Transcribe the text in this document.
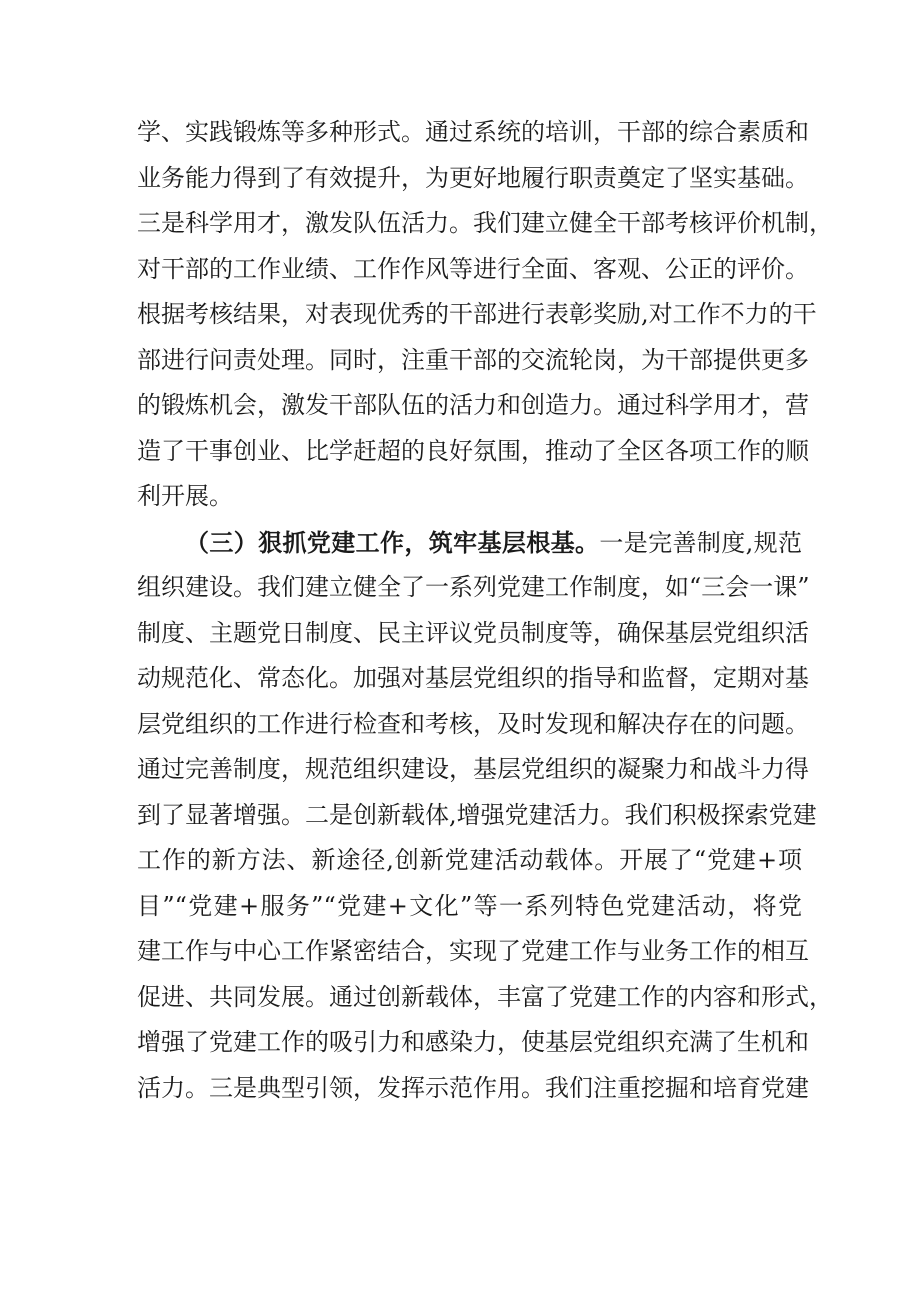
学、实践锻炼等多种形式。通过系统的培训，干部的综合素质和
业务能力得到了有效提升，为更好地履行职责奠定了坚实基础。
三是科学用才，激发队伍活力。我们建立健全干部考核评价机制，
对干部的工作业绩、工作作风等进行全面、客观、公正的评价。
根据考核结果，对表现优秀的干部进行表彰奖励,对工作不力的干
部进行问责处理。同时，注重干部的交流轮岗，为干部提供更多
的锻炼机会，激发干部队伍的活力和创造力。通过科学用才，营
造了干事创业、比学赶超的良好氛围，推动了全区各项工作的顺
利开展。
（三）狠抓党建工作，筑牢基层根基。一是完善制度,规范
组织建设。我们建立健全了一系列党建工作制度，如“三会一课”
制度、主题党日制度、民主评议党员制度等，确保基层党组织活
动规范化、常态化。加强对基层党组织的指导和监督，定期对基
层党组织的工作进行检查和考核，及时发现和解决存在的问题。
通过完善制度，规范组织建设，基层党组织的凝聚力和战斗力得
到了显著增强。二是创新载体,增强党建活力。我们积极探索党建
工作的新方法、新途径,创新党建活动载体。开展了“党建+项
目”“党建+服务”“党建+文化”等一系列特色党建活动，将党
建工作与中心工作紧密结合，实现了党建工作与业务工作的相互
促进、共同发展。通过创新载体，丰富了党建工作的内容和形式，
增强了党建工作的吸引力和感染力，使基层党组织充满了生机和
活力。三是典型引领，发挥示范作用。我们注重挖掘和培育党建
